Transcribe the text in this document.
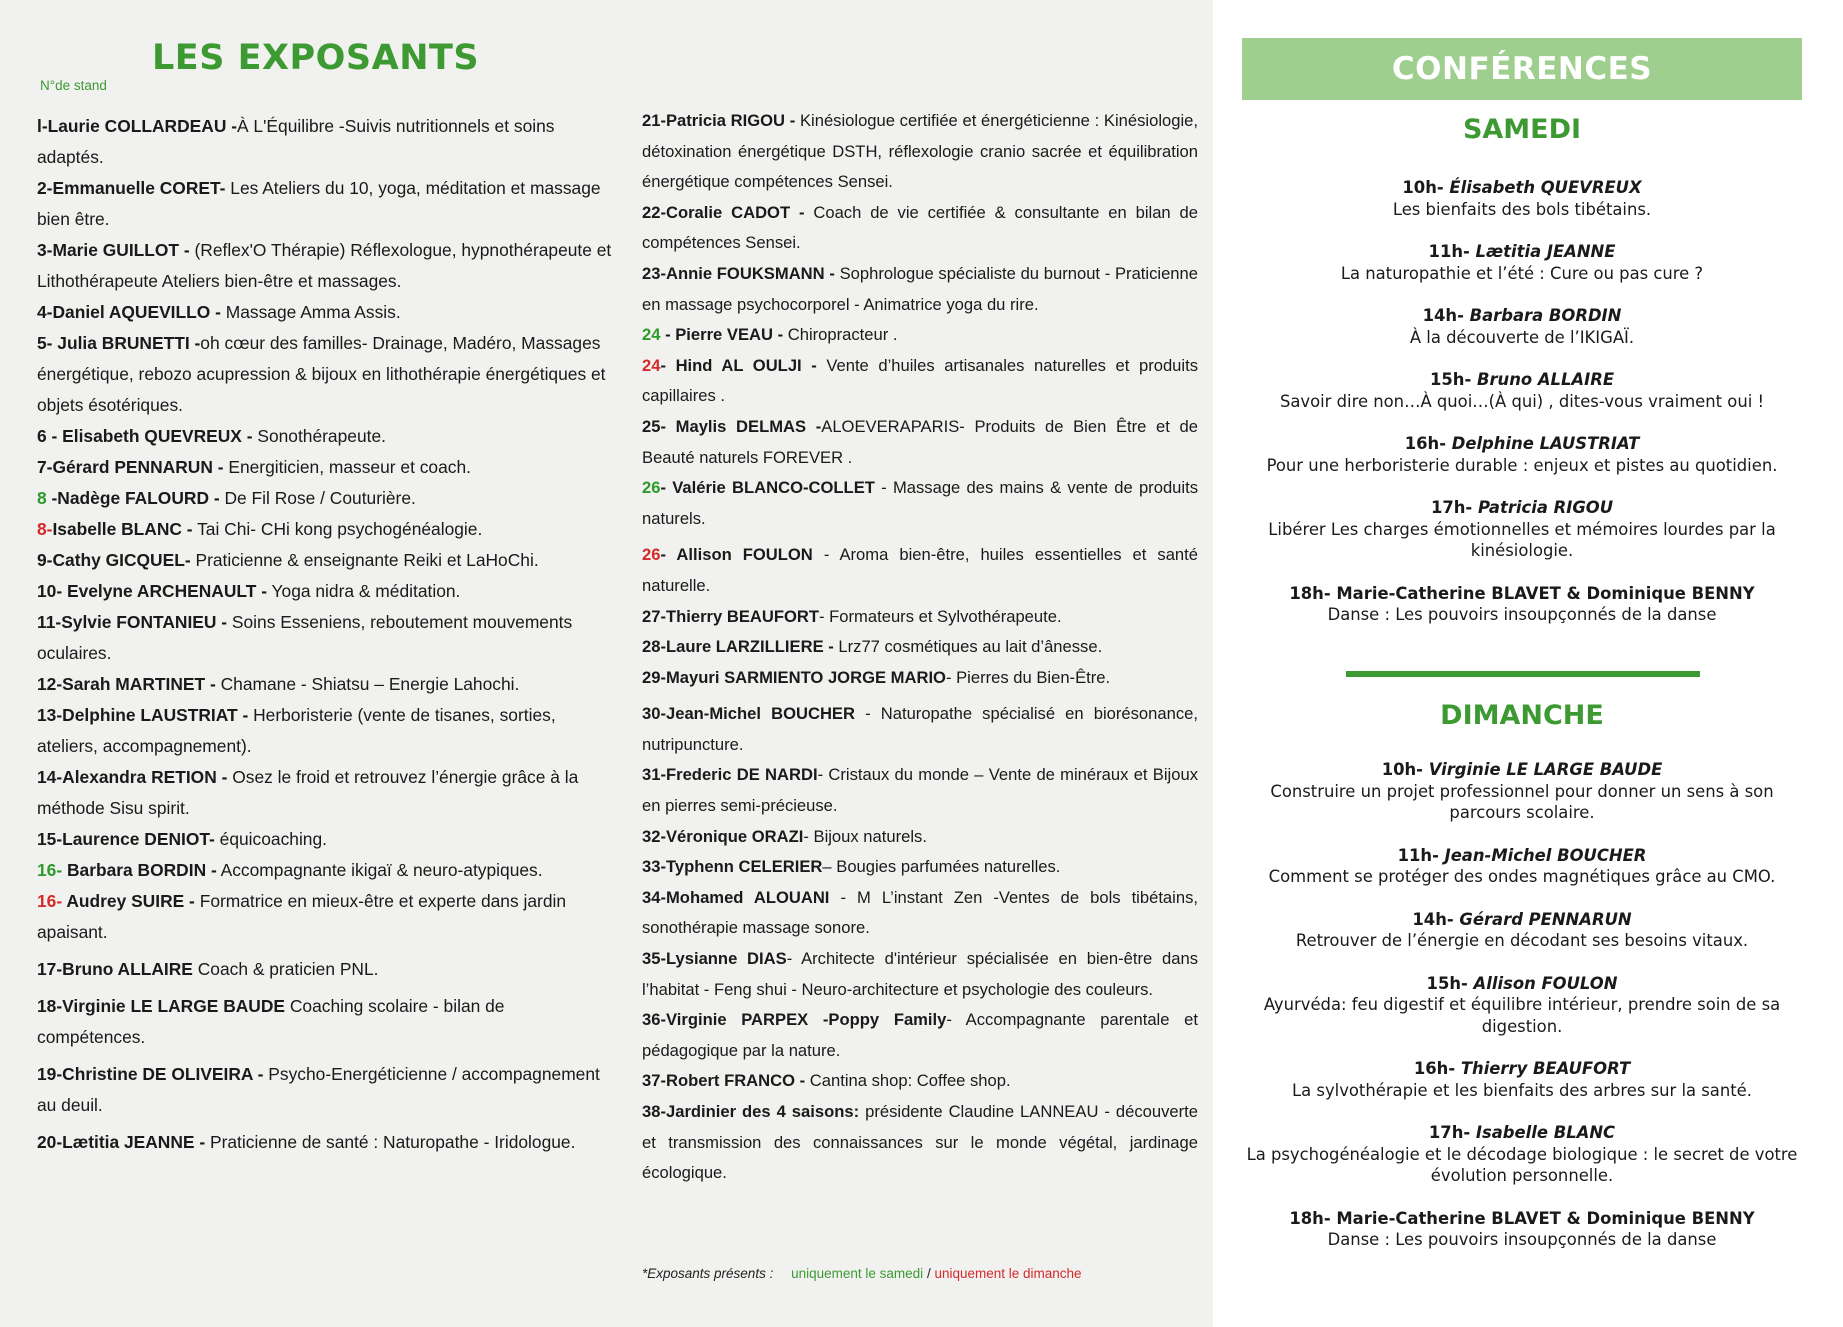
LES EXPOSANTS
N°de stand
l-Laurie COLLARDEAU -À L'Équilibre -Suivis nutritionnels et soins adaptés.
2-Emmanuelle CORET- Les Ateliers du 10, yoga, méditation et massage bien être.
3-Marie GUILLOT - (Reflex'O Thérapie) Réflexologue, hypnothérapeute et Lithothérapeute Ateliers bien-être et massages.
4-Daniel AQUEVILLO - Massage Amma Assis.
5- Julia BRUNETTI -oh cœur des familles- Drainage, Madéro, Massages énergétique, rebozo acupression & bijoux en lithothérapie énergétiques et objets ésotériques.
6 - Elisabeth QUEVREUX - Sonothérapeute.
7-Gérard PENNARUN - Energiticien, masseur et coach.
8 -Nadège FALOURD - De Fil Rose / Couturière.
8-Isabelle BLANC - Tai Chi- CHi kong psychogénéalogie.
9-Cathy GICQUEL- Praticienne & enseignante Reiki et LaHoChi.
10- Evelyne ARCHENAULT - Yoga nidra & méditation.
11-Sylvie FONTANIEU - Soins Esseniens, reboutement mouvements oculaires.
12-Sarah MARTINET - Chamane - Shiatsu – Energie Lahochi.
13-Delphine LAUSTRIAT - Herboristerie (vente de tisanes, sorties, ateliers, accompagnement).
14-Alexandra RETION - Osez le froid et retrouvez l’énergie grâce à la méthode Sisu spirit.
15-Laurence DENIOT- équicoaching.
16- Barbara BORDIN - Accompagnante ikigaï & neuro-atypiques.
16- Audrey SUIRE - Formatrice en mieux-être et experte dans jardin apaisant.
17-Bruno ALLAIRE Coach & praticien PNL.
18-Virginie LE LARGE BAUDE Coaching scolaire - bilan de compétences.
19-Christine DE OLIVEIRA - Psycho-Energéticienne / accompagnement au deuil.
20-Lætitia JEANNE - Praticienne de santé : Naturopathe - Iridologue.
21-Patricia RIGOU - Kinésiologue certifiée et énergéticienne : Kinésiologie, détoxination énergétique DSTH, réflexologie cranio sacrée et équilibration énergétique compétences Sensei.
22-Coralie CADOT - Coach de vie certifiée & consultante en bilan de compétences Sensei.
23-Annie FOUKSMANN - Sophrologue spécialiste du burnout - Praticienne en massage psychocorporel - Animatrice yoga du rire.
24 - Pierre VEAU - Chiropracteur .
24- Hind AL OULJI - Vente d’huiles artisanales naturelles et produits capillaires .
25- Maylis DELMAS -ALOEVERAPARIS- Produits de Bien Être et de Beauté naturels FOREVER .
26- Valérie BLANCO-COLLET - Massage des mains & vente de produits naturels.
26- Allison FOULON - Aroma bien-être, huiles essentielles et santé naturelle.
27-Thierry BEAUFORT- Formateurs et Sylvothérapeute.
28-Laure LARZILLIERE - Lrz77 cosmétiques au lait d’ânesse.
29-Mayuri SARMIENTO JORGE MARIO- Pierres du Bien-Être.
30-Jean-Michel BOUCHER - Naturopathe spécialisé en biorésonance, nutripuncture.
31-Frederic DE NARDI- Cristaux du monde – Vente de minéraux et Bijoux en pierres semi-précieuse.
32-Véronique ORAZI- Bijoux naturels.
33-Typhenn CELERIER– Bougies parfumées naturelles.
34-Mohamed ALOUANI - M L’instant Zen -Ventes de bols tibétains, sonothérapie massage sonore.
35-Lysianne DIAS- Architecte d'intérieur spécialisée en bien-être dans l’habitat - Feng shui - Neuro-architecture et psychologie des couleurs.
36-Virginie PARPEX -Poppy Family- Accompagnante parentale et pédagogique par la nature.
37-Robert FRANCO - Cantina shop: Coffee shop.
38-Jardinier des 4 saisons: présidente Claudine LANNEAU - découverte et transmission des connaissances sur le monde végétal, jardinage écologique.
*Exposants présents : uniquement le samedi / uniquement le dimanche
CONFÉRENCES
SAMEDI
10h- Élisabeth QUEVREUX
Les bienfaits des bols tibétains.
11h- Lætitia JEANNE
La naturopathie et l’été : Cure ou pas cure ?
14h- Barbara BORDIN
À la découverte de l’IKIGAÏ.
15h- Bruno ALLAIRE
Savoir dire non…À quoi…(À qui) , dites-vous vraiment oui !
16h- Delphine LAUSTRIAT
Pour une herboristerie durable : enjeux et pistes au quotidien.
17h- Patricia RIGOU
Libérer Les charges émotionnelles et mémoires lourdes par la kinésiologie.
18h- Marie-Catherine BLAVET & Dominique BENNY
Danse : Les pouvoirs insoupçonnés de la danse
DIMANCHE
10h- Virginie LE LARGE BAUDE
Construire un projet professionnel pour donner un sens à son parcours scolaire.
11h- Jean-Michel BOUCHER
Comment se protéger des ondes magnétiques grâce au CMO.
14h- Gérard PENNARUN
Retrouver de l’énergie en décodant ses besoins vitaux.
15h- Allison FOULON
Ayurvéda: feu digestif et équilibre intérieur, prendre soin de sa digestion.
16h- Thierry BEAUFORT
La sylvothérapie et les bienfaits des arbres sur la santé.
17h- Isabelle BLANC
La psychogénéalogie et le décodage biologique : le secret de votre évolution personnelle.
18h- Marie-Catherine BLAVET & Dominique BENNY
Danse : Les pouvoirs insoupçonnés de la danse
